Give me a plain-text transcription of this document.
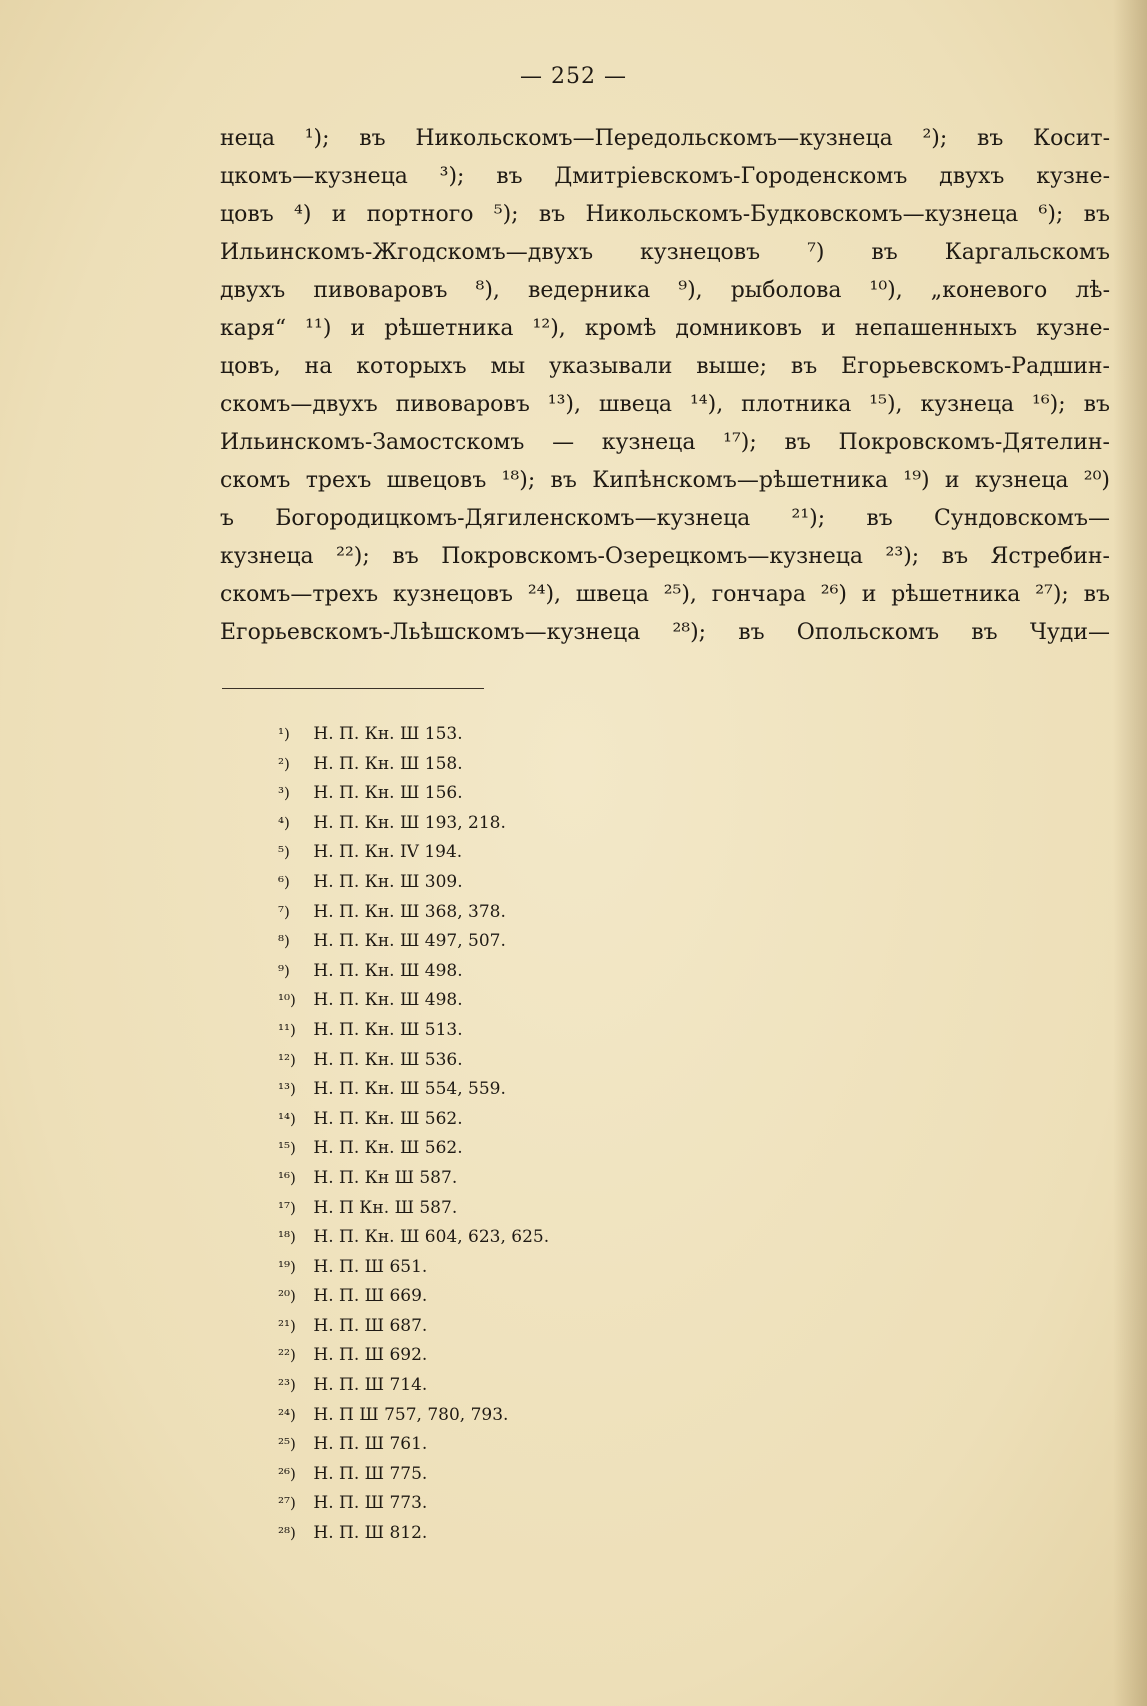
— 252 —
неца ¹); въ Никольскомъ—Передольскомъ—кузнеца ²); въ Косит-
цкомъ—кузнеца ³); въ Дмитріевскомъ-Городенскомъ двухъ кузне-
цовъ ⁴) и портного ⁵); въ Никольскомъ-Будковскомъ—кузнеца ⁶); въ
Ильинскомъ-Жгодскомъ—двухъ кузнецовъ ⁷) въ Каргальскомъ
двухъ пивоваровъ ⁸), ведерника ⁹), рыболова ¹⁰), „коневого лѣ-
каря“ ¹¹) и рѣшетника ¹²), кромѣ домниковъ и непашенныхъ кузне-
цовъ, на которыхъ мы указывали выше; въ Егорьевскомъ-Радшин-
скомъ—двухъ пивоваровъ ¹³), швеца ¹⁴), плотника ¹⁵), кузнеца ¹⁶); въ
Ильинскомъ-Замостскомъ — кузнеца ¹⁷); въ Покровскомъ-Дятелин-
скомъ трехъ швецовъ ¹⁸); въ Кипѣнскомъ—рѣшетника ¹⁹) и кузнеца ²⁰)
ъ Богородицкомъ-Дягиленскомъ—кузнеца ²¹); въ Сундовскомъ—
кузнеца ²²); въ Покровскомъ-Озерецкомъ—кузнеца ²³); въ Ястребин-
скомъ—трехъ кузнецовъ ²⁴), швеца ²⁵), гончара ²⁶) и рѣшетника ²⁷); въ
Егорьевскомъ-Льѣшскомъ—кузнеца ²⁸); въ Опольскомъ въ Чуди—
¹) Н. П. Кн. Ш 153.
²) Н. П. Кн. Ш 158.
³) Н. П. Кн. Ш 156.
⁴) Н. П. Кн. Ш 193, 218.
⁵) Н. П. Кн. IV 194.
⁶) Н. П. Кн. Ш 309.
⁷) Н. П. Кн. Ш 368, 378.
⁸) Н. П. Кн. Ш 497, 507.
⁹) Н. П. Кн. Ш 498.
¹⁰) Н. П. Кн. Ш 498.
¹¹) Н. П. Кн. Ш 513.
¹²) Н. П. Кн. Ш 536.
¹³) Н. П. Кн. Ш 554, 559.
¹⁴) Н. П. Кн. Ш 562.
¹⁵) Н. П. Кн. Ш 562.
¹⁶) Н. П. Кн Ш 587.
¹⁷) Н. П Кн. Ш 587.
¹⁸) Н. П. Кн. Ш 604, 623, 625.
¹⁹) Н. П. Ш 651.
²⁰) Н. П. Ш 669.
²¹) Н. П. Ш 687.
²²) Н. П. Ш 692.
²³) Н. П. Ш 714.
²⁴) Н. П Ш 757, 780, 793.
²⁵) Н. П. Ш 761.
²⁶) Н. П. Ш 775.
²⁷) Н. П. Ш 773.
²⁸) Н. П. Ш 812.
